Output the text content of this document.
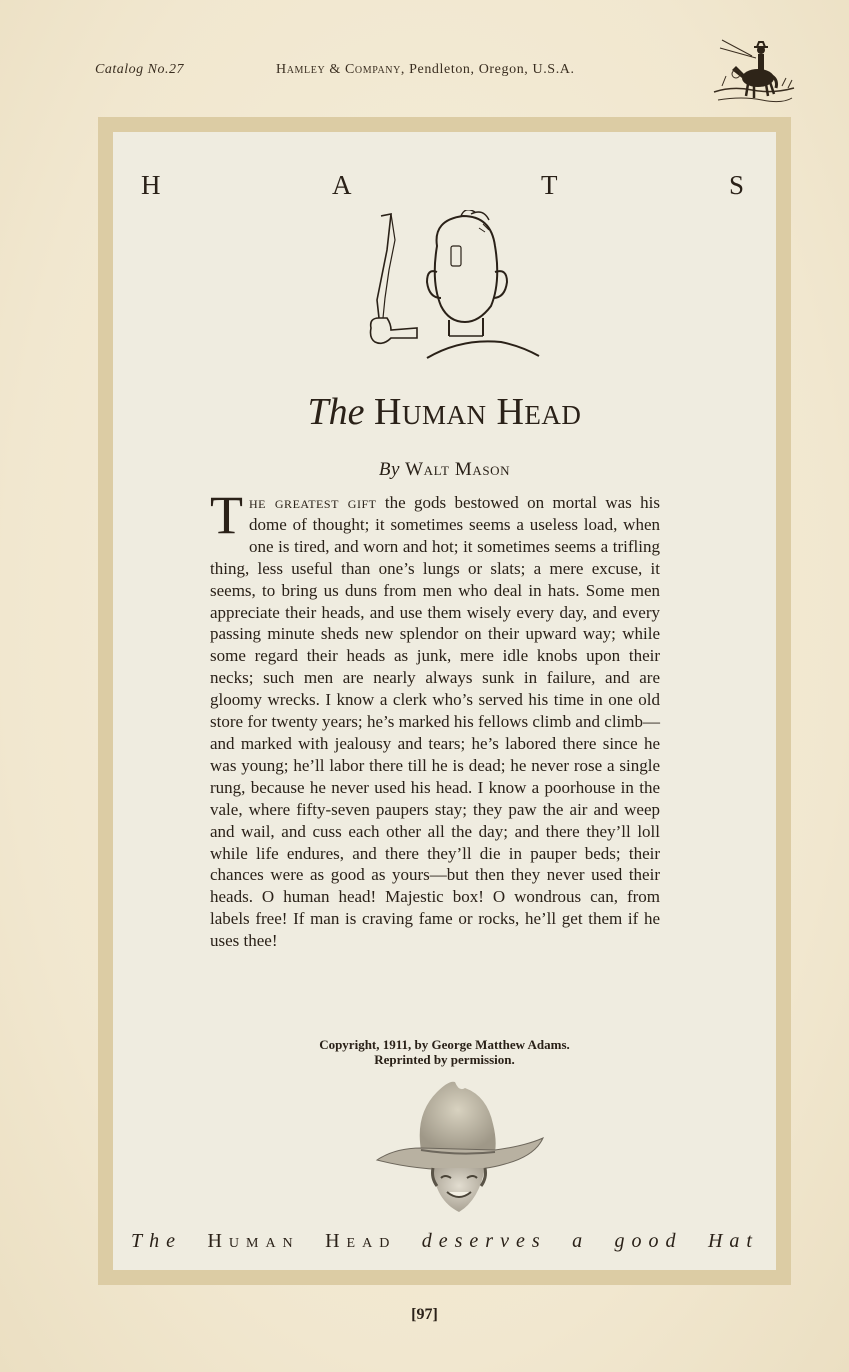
Catalog No.27	Hamley & Company, Pendleton, Oregon, U.S.A.
H	A	T	S
The Human Head
By Walt Mason

The greatest gift the gods bestowed on mortal was his dome of thought; it sometimes seems a useless load, when one is tired, and worn and hot; it sometimes seems a trifling thing, less useful than one’s lungs or slats; a mere excuse, it seems, to bring us duns from men who deal in hats. Some men appreciate their heads, and use them wisely every day, and every passing minute sheds new splendor on their upward way; while some regard their heads as junk, mere idle knobs upon their necks; such men are nearly always sunk in failure, and are gloomy wrecks. I know a clerk who’s served his time in one old store for twenty years; he’s marked his fellows climb and climb—and marked with jealousy and tears; he’s labored there since he was young; he’ll labor there till he is dead; he never rose a single rung, because he never used his head. I know a poorhouse in the vale, where fifty-seven paupers stay; they paw the air and weep and wail, and cuss each other all the day; and there they’ll loll while life endures, and there they’ll die in pauper beds; their chances were as good as yours—but then they never used their heads. O human head! Majestic box! O wondrous can, from labels free! If man is craving fame or rocks, he’ll get them if he uses thee!

Copyright, 1911, by George Matthew Adams.
Reprinted by permission.
The Human Head deserves a good Hat
[97]
